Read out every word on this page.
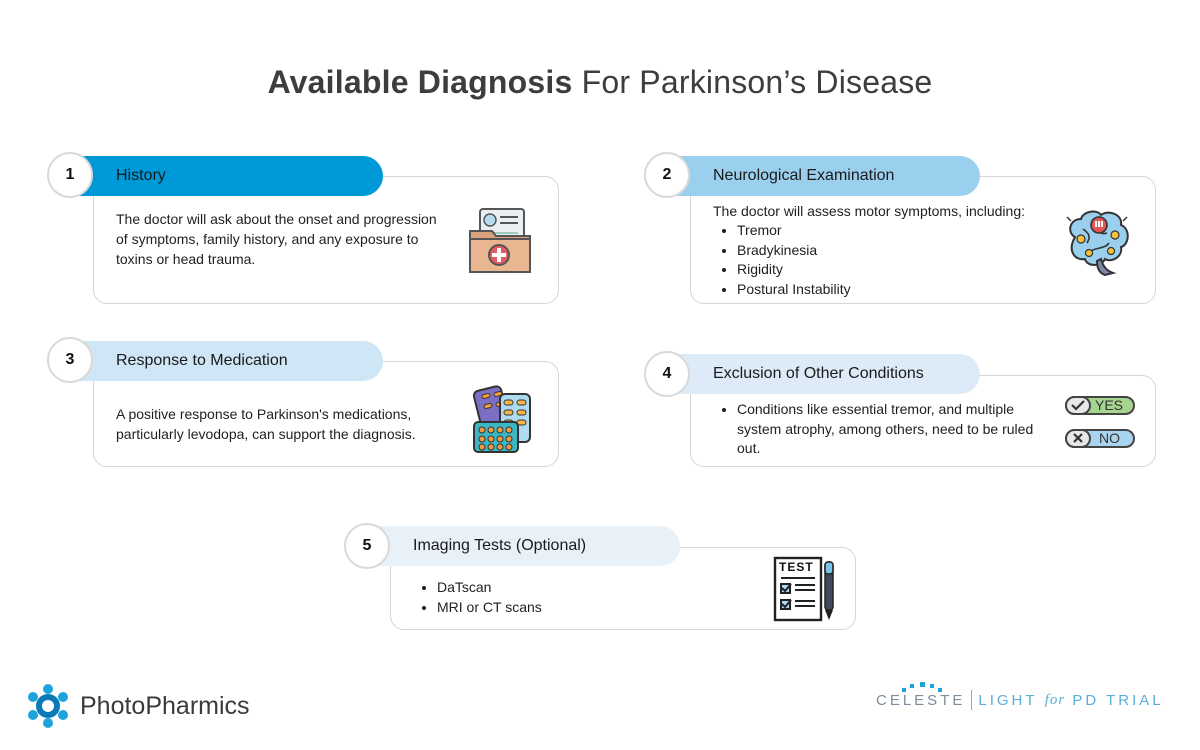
Available Diagnosis For Parkinson’s Disease
The doctor will ask about the onset and progression of symptoms, family history, and any exposure to toxins or head trauma.
History
1
The doctor will assess motor symptoms, including:
• Tremor
• Bradykinesia
• Rigidity
• Postural Instability
Neurological Examination
2
A positive response to Parkinson's medications, particularly levodopa, can support the diagnosis.
Response to Medication
3
• Conditions like essential tremor, and multiple system atrophy, among others, need to be ruled out.
YES
NO
Exclusion of Other Conditions
4
• DaTscan
• MRI or CT scans
TEST
Imaging Tests (Optional)
5
PhotoPharmics	CELESTE LIGHT
for
PD TRIAL
